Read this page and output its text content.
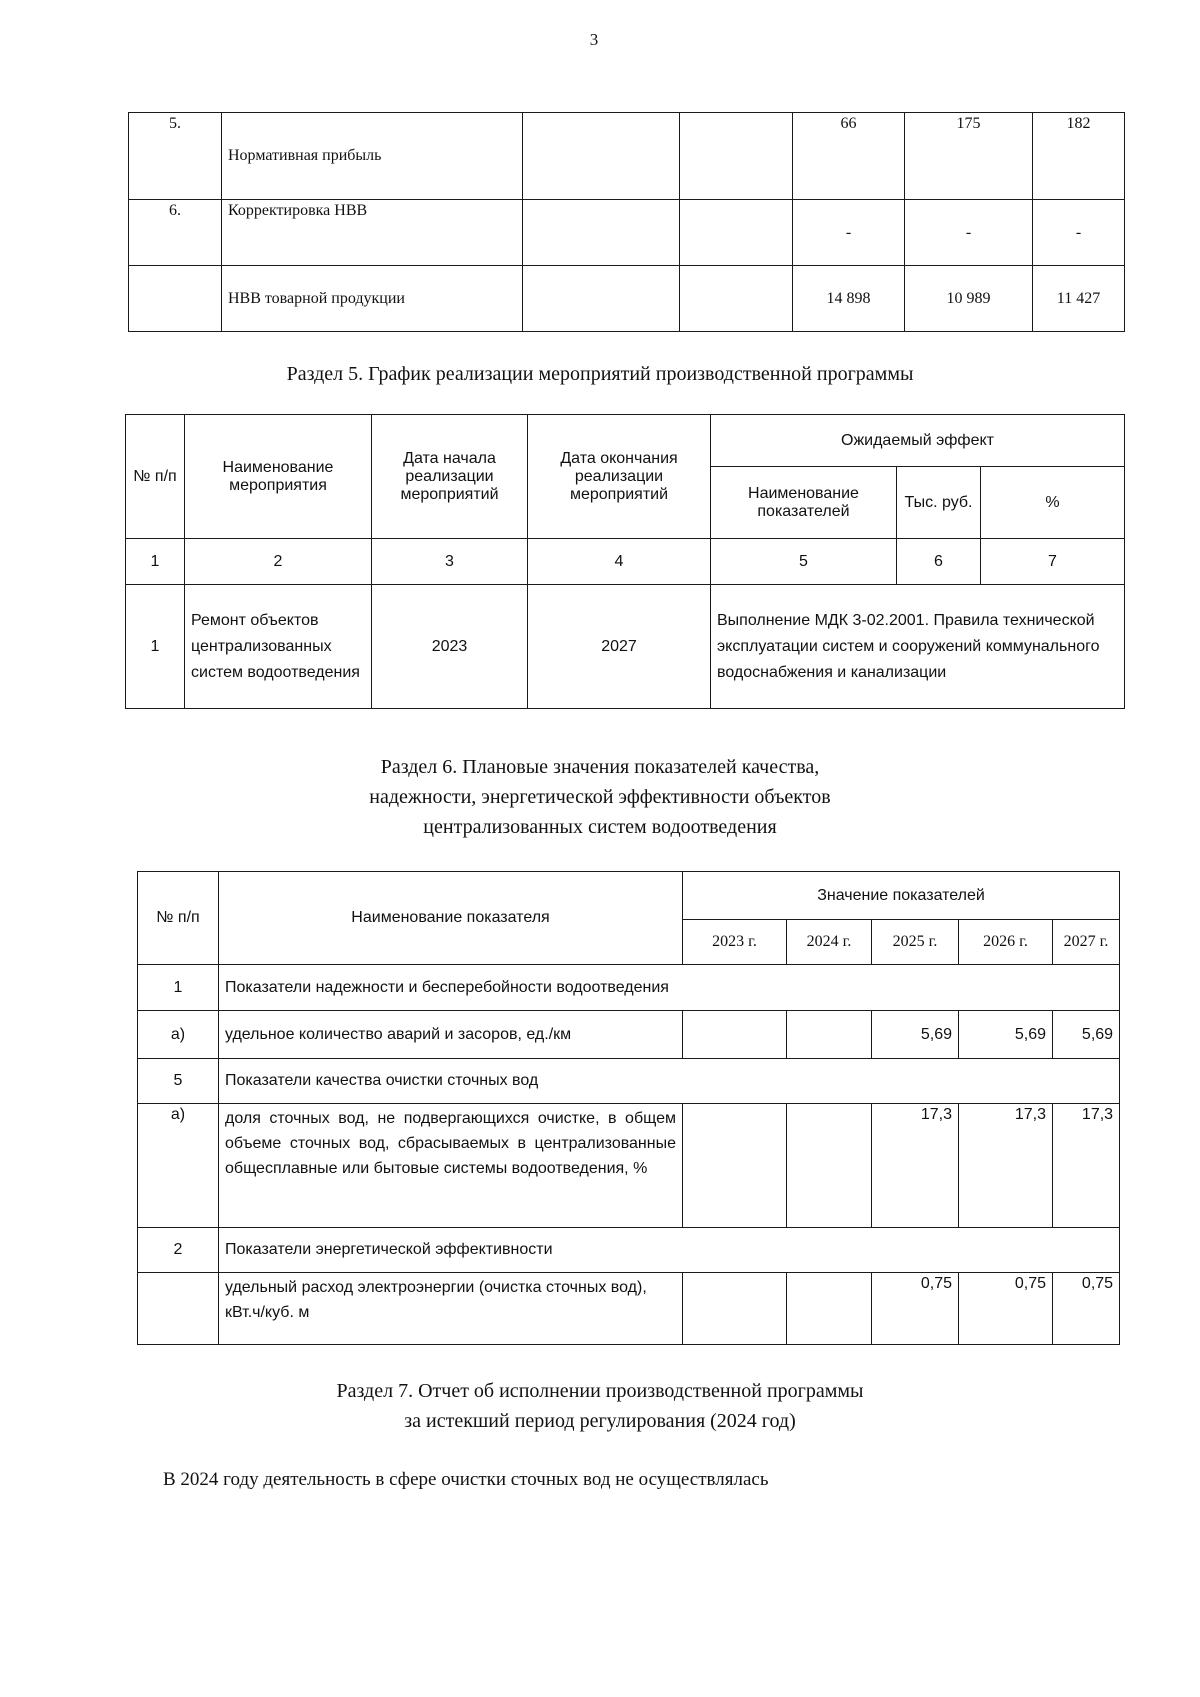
3
5.	Нормативная прибыль			66	175	182
6.	Корректировка НВВ			-	-	-
	НВВ товарной продукции			14 898	10 989	11 427
Раздел 5. График реализации мероприятий производственной программы
№ п/п	Наименование мероприятия	Дата начала реализации мероприятий	Дата окончания реализации мероприятий	Ожидаемый эффект		
				Наименование показателей	Тыс. руб.	%
1	2	3	4	5	6	7
1	Ремонт объектов централизованных систем водоотведения	2023	2027	Выполнение МДК 3-02.2001. Правила технической эксплуатации систем и сооружений коммунального водоснабжения и канализации		
Раздел 6. Плановые значения показателей качества,
надежности, энергетической эффективности объектов
централизованных систем водоотведения
№ п/п	Наименование показателя	Значение показателей				
		2023 г.	2024 г.	2025 г.	2026 г.	2027 г.
1	Показатели надежности и бесперебойности водоотведения					
а)	удельное количество аварий и засоров, ед./км			5,69	5,69	5,69
5	Показатели качества очистки сточных вод					
а)	доля сточных вод, не подвергающихся очистке, в общем объеме сточных вод, сбрасываемых в централизованные общесплавные или бытовые системы водоотведения, %			17,3	17,3	17,3
2	Показатели энергетической эффективности					
	удельный расход электроэнергии (очистка сточных вод), кВт.ч/куб. м			0,75	0,75	0,75
Раздел 7. Отчет об исполнении производственной программы
за истекший период регулирования (2024 год)
В 2024 году деятельность в сфере очистки сточных вод не осуществлялась
